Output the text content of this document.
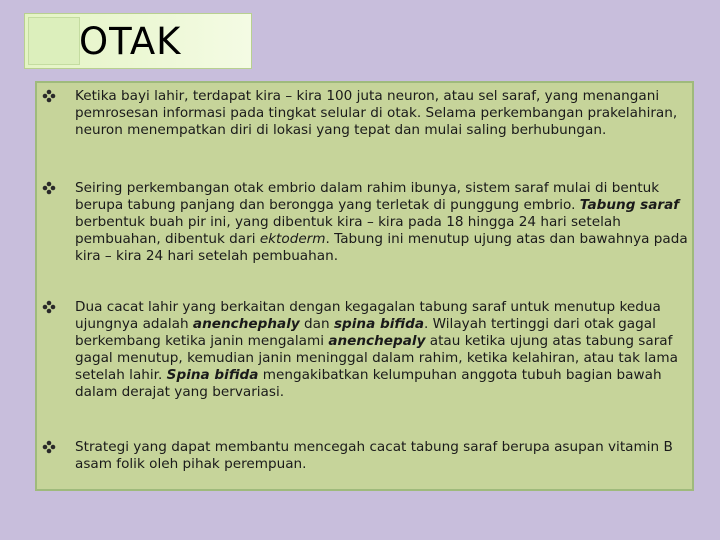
OTAK
Ketika bayi lahir, terdapat kira – kira 100 juta neuron, atau sel saraf, yang menangani pemrosesan informasi pada tingkat selular di otak. Selama perkembangan prakelahiran, neuron menempatkan diri di lokasi yang tepat dan mulai saling berhubungan.
Seiring perkembangan otak embrio dalam rahim ibunya, sistem saraf mulai di bentuk berupa tabung panjang dan berongga yang terletak di punggung embrio. Tabung saraf berbentuk buah pir ini, yang dibentuk kira – kira pada 18 hingga 24 hari setelah pembuahan, dibentuk dari ektoderm. Tabung ini menutup ujung atas dan bawahnya pada kira – kira 24 hari setelah pembuahan.
Dua cacat lahir yang berkaitan dengan kegagalan tabung saraf untuk menutup kedua ujungnya adalah anenchephaly dan spina bifida. Wilayah tertinggi dari otak gagal berkembang ketika janin mengalami anenchepaly atau ketika ujung atas tabung saraf gagal menutup, kemudian janin meninggal dalam rahim, ketika kelahiran, atau tak lama setelah lahir. Spina bifida mengakibatkan kelumpuhan anggota tubuh bagian bawah dalam derajat yang bervariasi.
Strategi yang dapat membantu mencegah cacat tabung saraf berupa asupan vitamin B asam folik oleh pihak perempuan.
